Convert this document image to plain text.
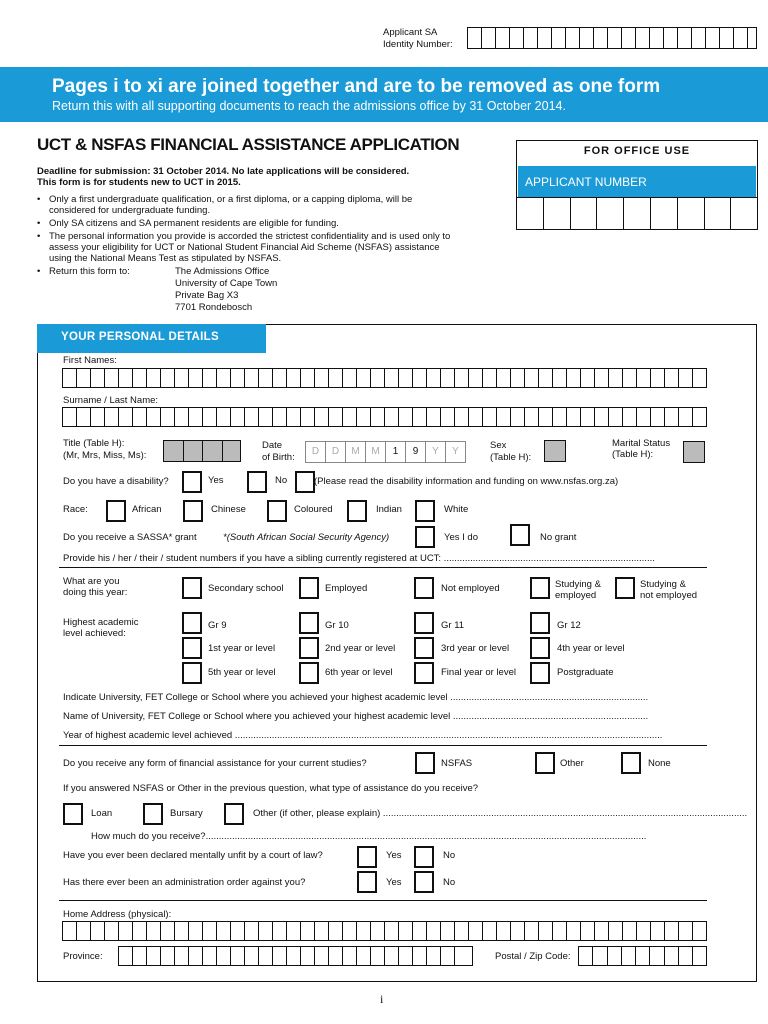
Applicant SA
Identity Number:
Pages i to xi are joined together and are to be removed as one form
Return this with all supporting documents to reach the admissions office by 31 October 2014.
UCT & NSFAS FINANCIAL ASSISTANCE APPLICATION
Deadline for submission: 31 October 2014. No late applications will be considered.
This form is for students new to UCT in 2015.
• Only a first undergraduate qualification, or a first diploma, or a capping diploma, will be
considered for undergraduate funding.
• Only SA citizens and SA permanent residents are eligible for funding.
• The personal information you provide is accorded the strictest confidentiality and is used only to
assess your eligibility for UCT or National Student Financial Aid Scheme (NSFAS) assistance
using the National Means Test as stipulated by NSFAS.
• Return this form to:	The Admissions Office
University of Cape Town
Private Bag X3
7701 Rondebosch
FOR OFFICE USE
APPLICANT NUMBER
YOUR PERSONAL DETAILS
First Names:
Surname / Last Name:
Title (Table H):
(Mr, Mrs, Miss, Ms):
Date
of Birth:
D	D	M	M	1	9	Y	Y
Sex
(Table H):
Marital Status
(Table H):
Do you have a disability?	Yes	No	(Please read the disability information and funding on www.nsfas.org.za)
Race:	African	Chinese	Coloured	Indian	White
Do you receive a SASSA* grant	*(South African Social Security Agency)	Yes I do	No grant
Provide his / her / their / student numbers if you have a sibling currently registered at UCT: ................................................................................
What are you
doing this year:	Secondary school	Employed	Not employed	Studying &
employed
Studying &
not employed
Highest academic
level achieved:
Gr 9	Gr 10	Gr 11	Gr 12
1st year or level	2nd year or level	3rd year or level	4th year or level
5th year or level	6th year or level	Final year or level	Postgraduate
Indicate University, FET College or School where you achieved your highest academic level ...........................................................................
Name of University, FET College or School where you achieved your highest academic level ..........................................................................
Year of highest academic level achieved ..................................................................................................................................................................
Do you receive any form of financial assistance for your current studies?	NSFAS	Other	None
If you answered NSFAS or Other in the previous question, what type of assistance do you receive?
Loan	Bursary	Other (if other, please explain) ..........................................................................................................................................
How much do you receive?.......................................................................................................................................................................
Have you ever been declared mentally unfit by a court of law?	Yes	No
Has there ever been an administration order against you?	Yes	No
Home Address (physical):
Province:	Postal / Zip Code:
i
